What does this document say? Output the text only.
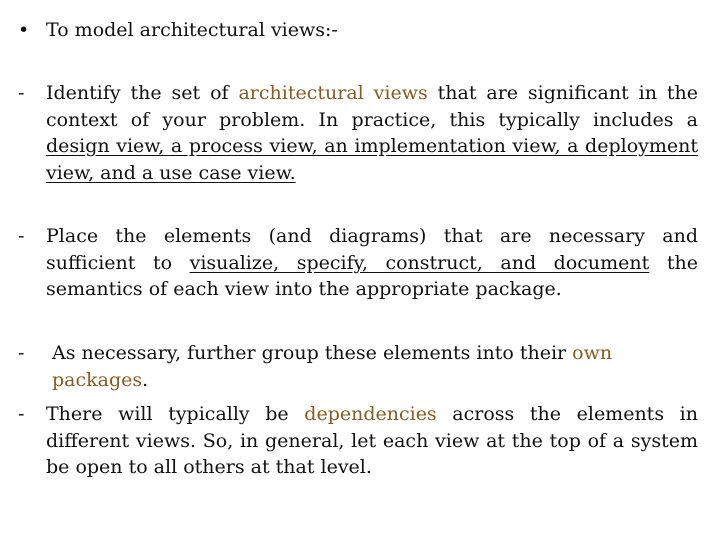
• To model architectural views:-
-	Identify the set of architectural views that are significant in the context of your problem. In practice, this typically includes a design view, a process view, an implementation view, a deployment view, and a use case view.
-	Place the elements (and diagrams) that are necessary and sufficient to visualize, specify, construct, and document the semantics of each view into the appropriate package.
-	As necessary, further group these elements into their own packages.
-	There will typically be dependencies across the elements in different views. So, in general, let each view at the top of a system be open to all others at that level.
